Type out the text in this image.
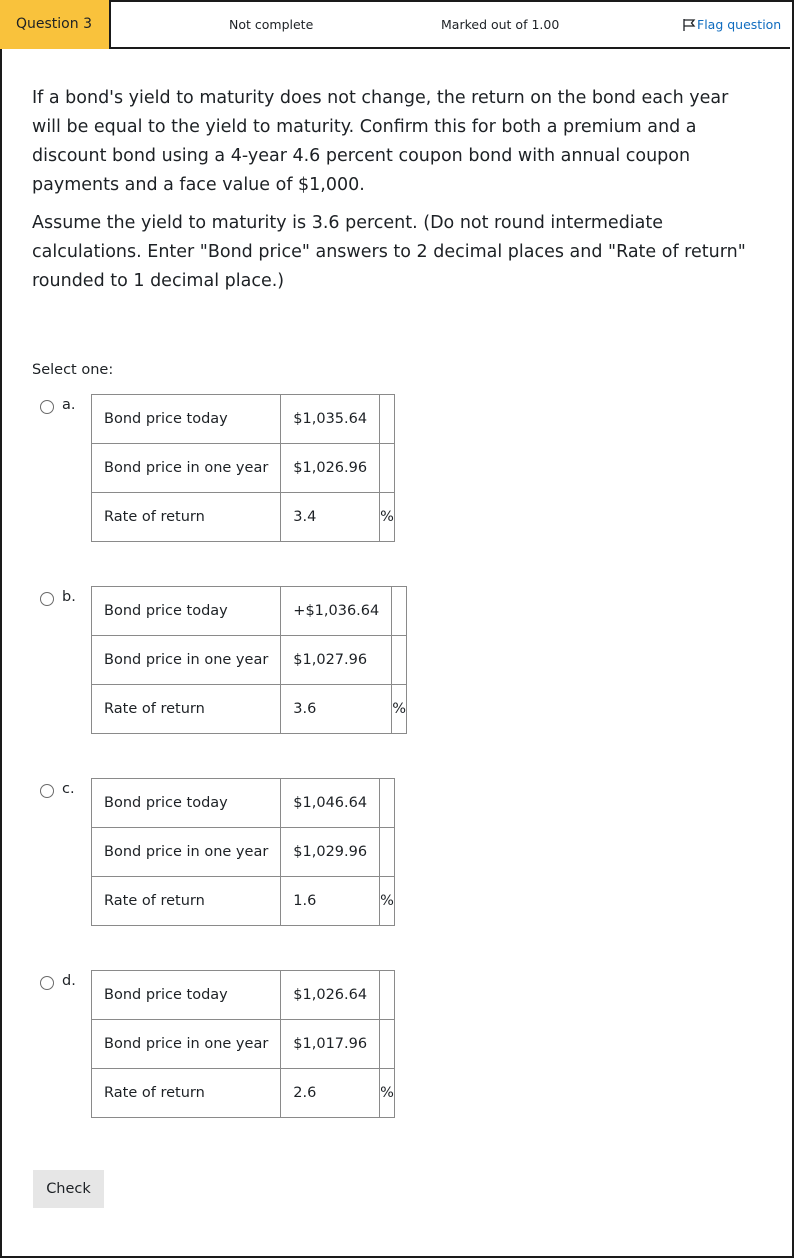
Question 3	Not complete	Marked out of 1.00	Flag question

If a bond's yield to maturity does not change, the return on the bond each year will be equal to the yield to maturity. Confirm this for both a premium and a discount bond using a 4-year 4.6 percent coupon bond with annual coupon payments and a face value of $1,000.

Assume the yield to maturity is 3.6 percent. (Do not round intermediate calculations. Enter "Bond price" answers to 2 decimal places and "Rate of return" rounded to 1 decimal place.)

Select one:
a.
Bond price today	$1,035.64	
Bond price in one year	$1,026.96	
Rate of return	3.4	%
b.
Bond price today	+$1,036.64	
Bond price in one year	$1,027.96	
Rate of return	3.6	%
c.
Bond price today	$1,046.64	
Bond price in one year	$1,029.96	
Rate of return	1.6	%
d.
Bond price today	$1,026.64	
Bond price in one year	$1,017.96	
Rate of return	2.6	%
Check
